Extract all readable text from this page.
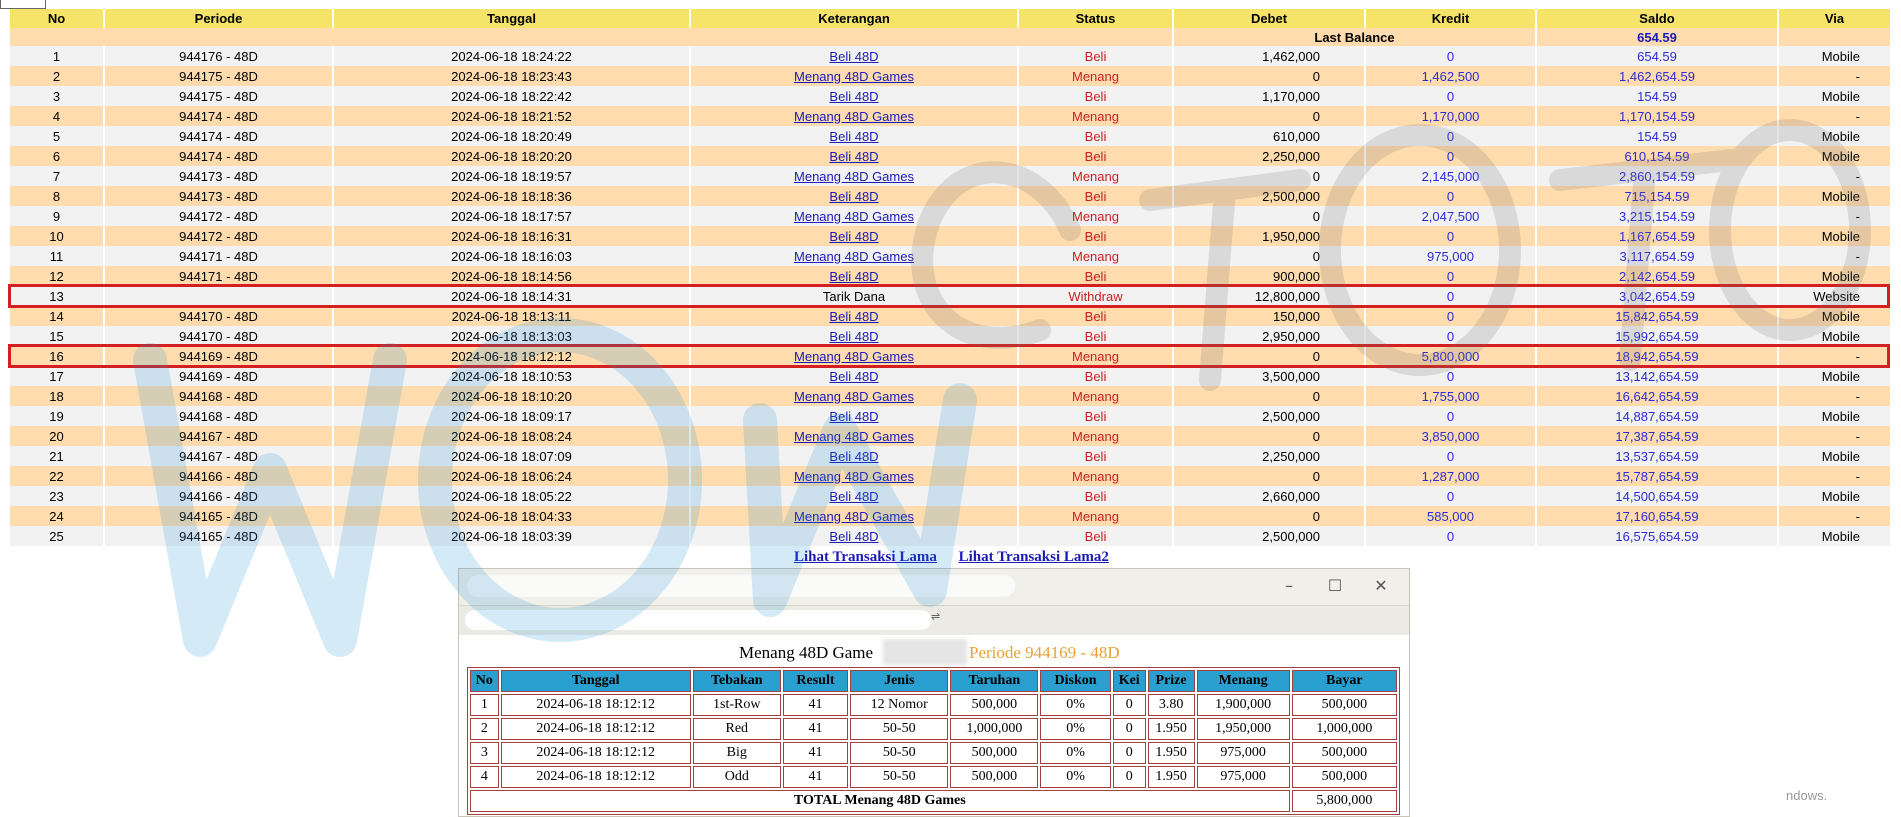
No	Periode	Tanggal	Keterangan	Status	Debet	Kredit	Saldo	Via
					Last Balance		654.59	
1	944176 - 48D	2024-06-18 18:24:22	Beli 48D	Beli	1,462,000	0	654.59	Mobile
2	944175 - 48D	2024-06-18 18:23:43	Menang 48D Games	Menang	0	1,462,500	1,462,654.59	-
3	944175 - 48D	2024-06-18 18:22:42	Beli 48D	Beli	1,170,000	0	154.59	Mobile
4	944174 - 48D	2024-06-18 18:21:52	Menang 48D Games	Menang	0	1,170,000	1,170,154.59	-
5	944174 - 48D	2024-06-18 18:20:49	Beli 48D	Beli	610,000	0	154.59	Mobile
6	944174 - 48D	2024-06-18 18:20:20	Beli 48D	Beli	2,250,000	0	610,154.59	Mobile
7	944173 - 48D	2024-06-18 18:19:57	Menang 48D Games	Menang	0	2,145,000	2,860,154.59	-
8	944173 - 48D	2024-06-18 18:18:36	Beli 48D	Beli	2,500,000	0	715,154.59	Mobile
9	944172 - 48D	2024-06-18 18:17:57	Menang 48D Games	Menang	0	2,047,500	3,215,154.59	-
10	944172 - 48D	2024-06-18 18:16:31	Beli 48D	Beli	1,950,000	0	1,167,654.59	Mobile
11	944171 - 48D	2024-06-18 18:16:03	Menang 48D Games	Menang	0	975,000	3,117,654.59	-
12	944171 - 48D	2024-06-18 18:14:56	Beli 48D	Beli	900,000	0	2,142,654.59	Mobile
13		2024-06-18 18:14:31	Tarik Dana	Withdraw	12,800,000	0	3,042,654.59	Website
14	944170 - 48D	2024-06-18 18:13:11	Beli 48D	Beli	150,000	0	15,842,654.59	Mobile
15	944170 - 48D	2024-06-18 18:13:03	Beli 48D	Beli	2,950,000	0	15,992,654.59	Mobile
16	944169 - 48D	2024-06-18 18:12:12	Menang 48D Games	Menang	0	5,800,000	18,942,654.59	-
17	944169 - 48D	2024-06-18 18:10:53	Beli 48D	Beli	3,500,000	0	13,142,654.59	Mobile
18	944168 - 48D	2024-06-18 18:10:20	Menang 48D Games	Menang	0	1,755,000	16,642,654.59	-
19	944168 - 48D	2024-06-18 18:09:17	Beli 48D	Beli	2,500,000	0	14,887,654.59	Mobile
20	944167 - 48D	2024-06-18 18:08:24	Menang 48D Games	Menang	0	3,850,000	17,387,654.59	-
21	944167 - 48D	2024-06-18 18:07:09	Beli 48D	Beli	2,250,000	0	13,537,654.59	Mobile
22	944166 - 48D	2024-06-18 18:06:24	Menang 48D Games	Menang	0	1,287,000	15,787,654.59	-
23	944166 - 48D	2024-06-18 18:05:22	Beli 48D	Beli	2,660,000	0	14,500,654.59	Mobile
24	944165 - 48D	2024-06-18 18:04:33	Menang 48D Games	Menang	0	585,000	17,160,654.59	-
25	944165 - 48D	2024-06-18 18:03:39	Beli 48D	Beli	2,500,000	0	16,575,654.59	Mobile
Lihat Transaksi Lama Lihat Transaksi Lama2
–	☐ ✕
⇌
Menang 48D Game	Periode 944169 - 48D
No	Tanggal	Tebakan	Result	Jenis	Taruhan	Diskon	Kei	Prize	Menang	Bayar
1	2024-06-18 18:12:12	1st-Row	41	12 Nomor	500,000	0%	0	3.80	1,900,000	500,000
2	2024-06-18 18:12:12	Red	41	50-50	1,000,000	0%	0	1.950	1,950,000	1,000,000
3	2024-06-18 18:12:12	Big	41	50-50	500,000	0%	0	1.950	975,000	500,000
4	2024-06-18 18:12:12	Odd	41	50-50	500,000	0%	0	1.950	975,000	500,000
TOTAL Menang 48D Games										5,800,000	ndows.
